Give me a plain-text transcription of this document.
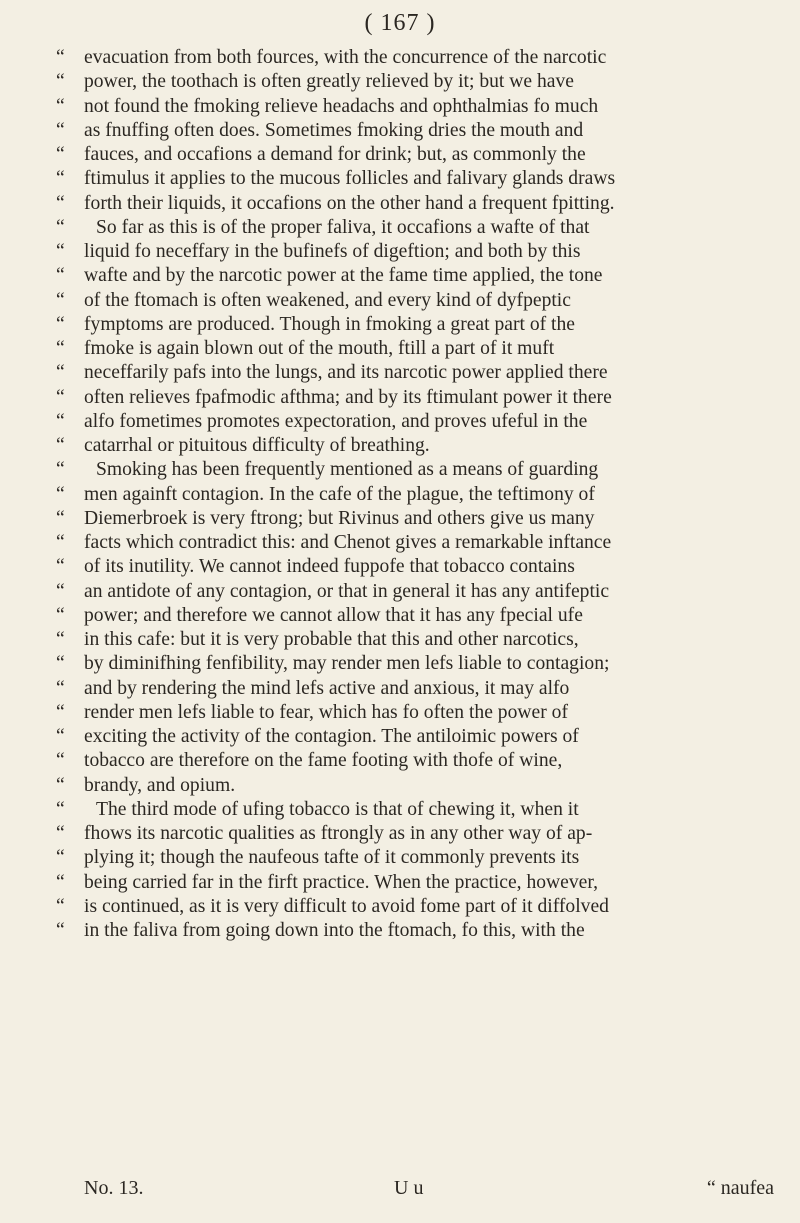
( 167 )
“ evacuation from both fources, with the concurrence of the narcotic
“ power, the toothach is often greatly relieved by it; but we have
“ not found the fmoking relieve headachs and ophthalmias fo much
“ as fnuffing often does. Sometimes fmoking dries the mouth and
“ fauces, and occafions a demand for drink; but, as commonly the
“ ftimulus it applies to the mucous follicles and falivary glands draws
“ forth their liquids, it occafions on the other hand a frequent fpitting.
“	So far as this is of the proper faliva, it occafions a wafte of that
“ liquid fo neceffary in the bufinefs of digeftion; and both by this
“ wafte and by the narcotic power at the fame time applied, the tone
“ of the ftomach is often weakened, and every kind of dyfpeptic
“ fymptoms are produced. Though in fmoking a great part of the
“ fmoke is again blown out of the mouth, ftill a part of it muft
“ neceffarily pafs into the lungs, and its narcotic power applied there
“ often relieves fpafmodic afthma; and by its ftimulant power it there
“ alfo fometimes promotes expectoration, and proves ufeful in the
“ catarrhal or pituitous difficulty of breathing.
“	Smoking has been frequently mentioned as a means of guarding
“ men againft contagion. In the cafe of the plague, the teftimony of
“ Diemerbroek is very ftrong; but Rivinus and others give us many
“ facts which contradict this: and Chenot gives a remarkable inftance
“ of its inutility. We cannot indeed fuppofe that tobacco contains
“ an antidote of any contagion, or that in general it has any antifeptic
“ power; and therefore we cannot allow that it has any fpecial ufe
“ in this cafe: but it is very probable that this and other narcotics,
“ by diminifhing fenfibility, may render men lefs liable to contagion;
“ and by rendering the mind lefs active and anxious, it may alfo
“ render men lefs liable to fear, which has fo often the power of
“ exciting the activity of the contagion. The antiloimic powers of
“ tobacco are therefore on the fame footing with thofe of wine,
“ brandy, and opium.
“	The third mode of ufing tobacco is that of chewing it, when it
“ fhows its narcotic qualities as ftrongly as in any other way of ap-
“ plying it; though the naufeous tafte of it commonly prevents its
“ being carried far in the firft practice. When the practice, however,
“ is continued, as it is very difficult to avoid fome part of it diffolved
“ in the faliva from going down into the ftomach, fo this, with the
No. 13.	U u	“ naufea
